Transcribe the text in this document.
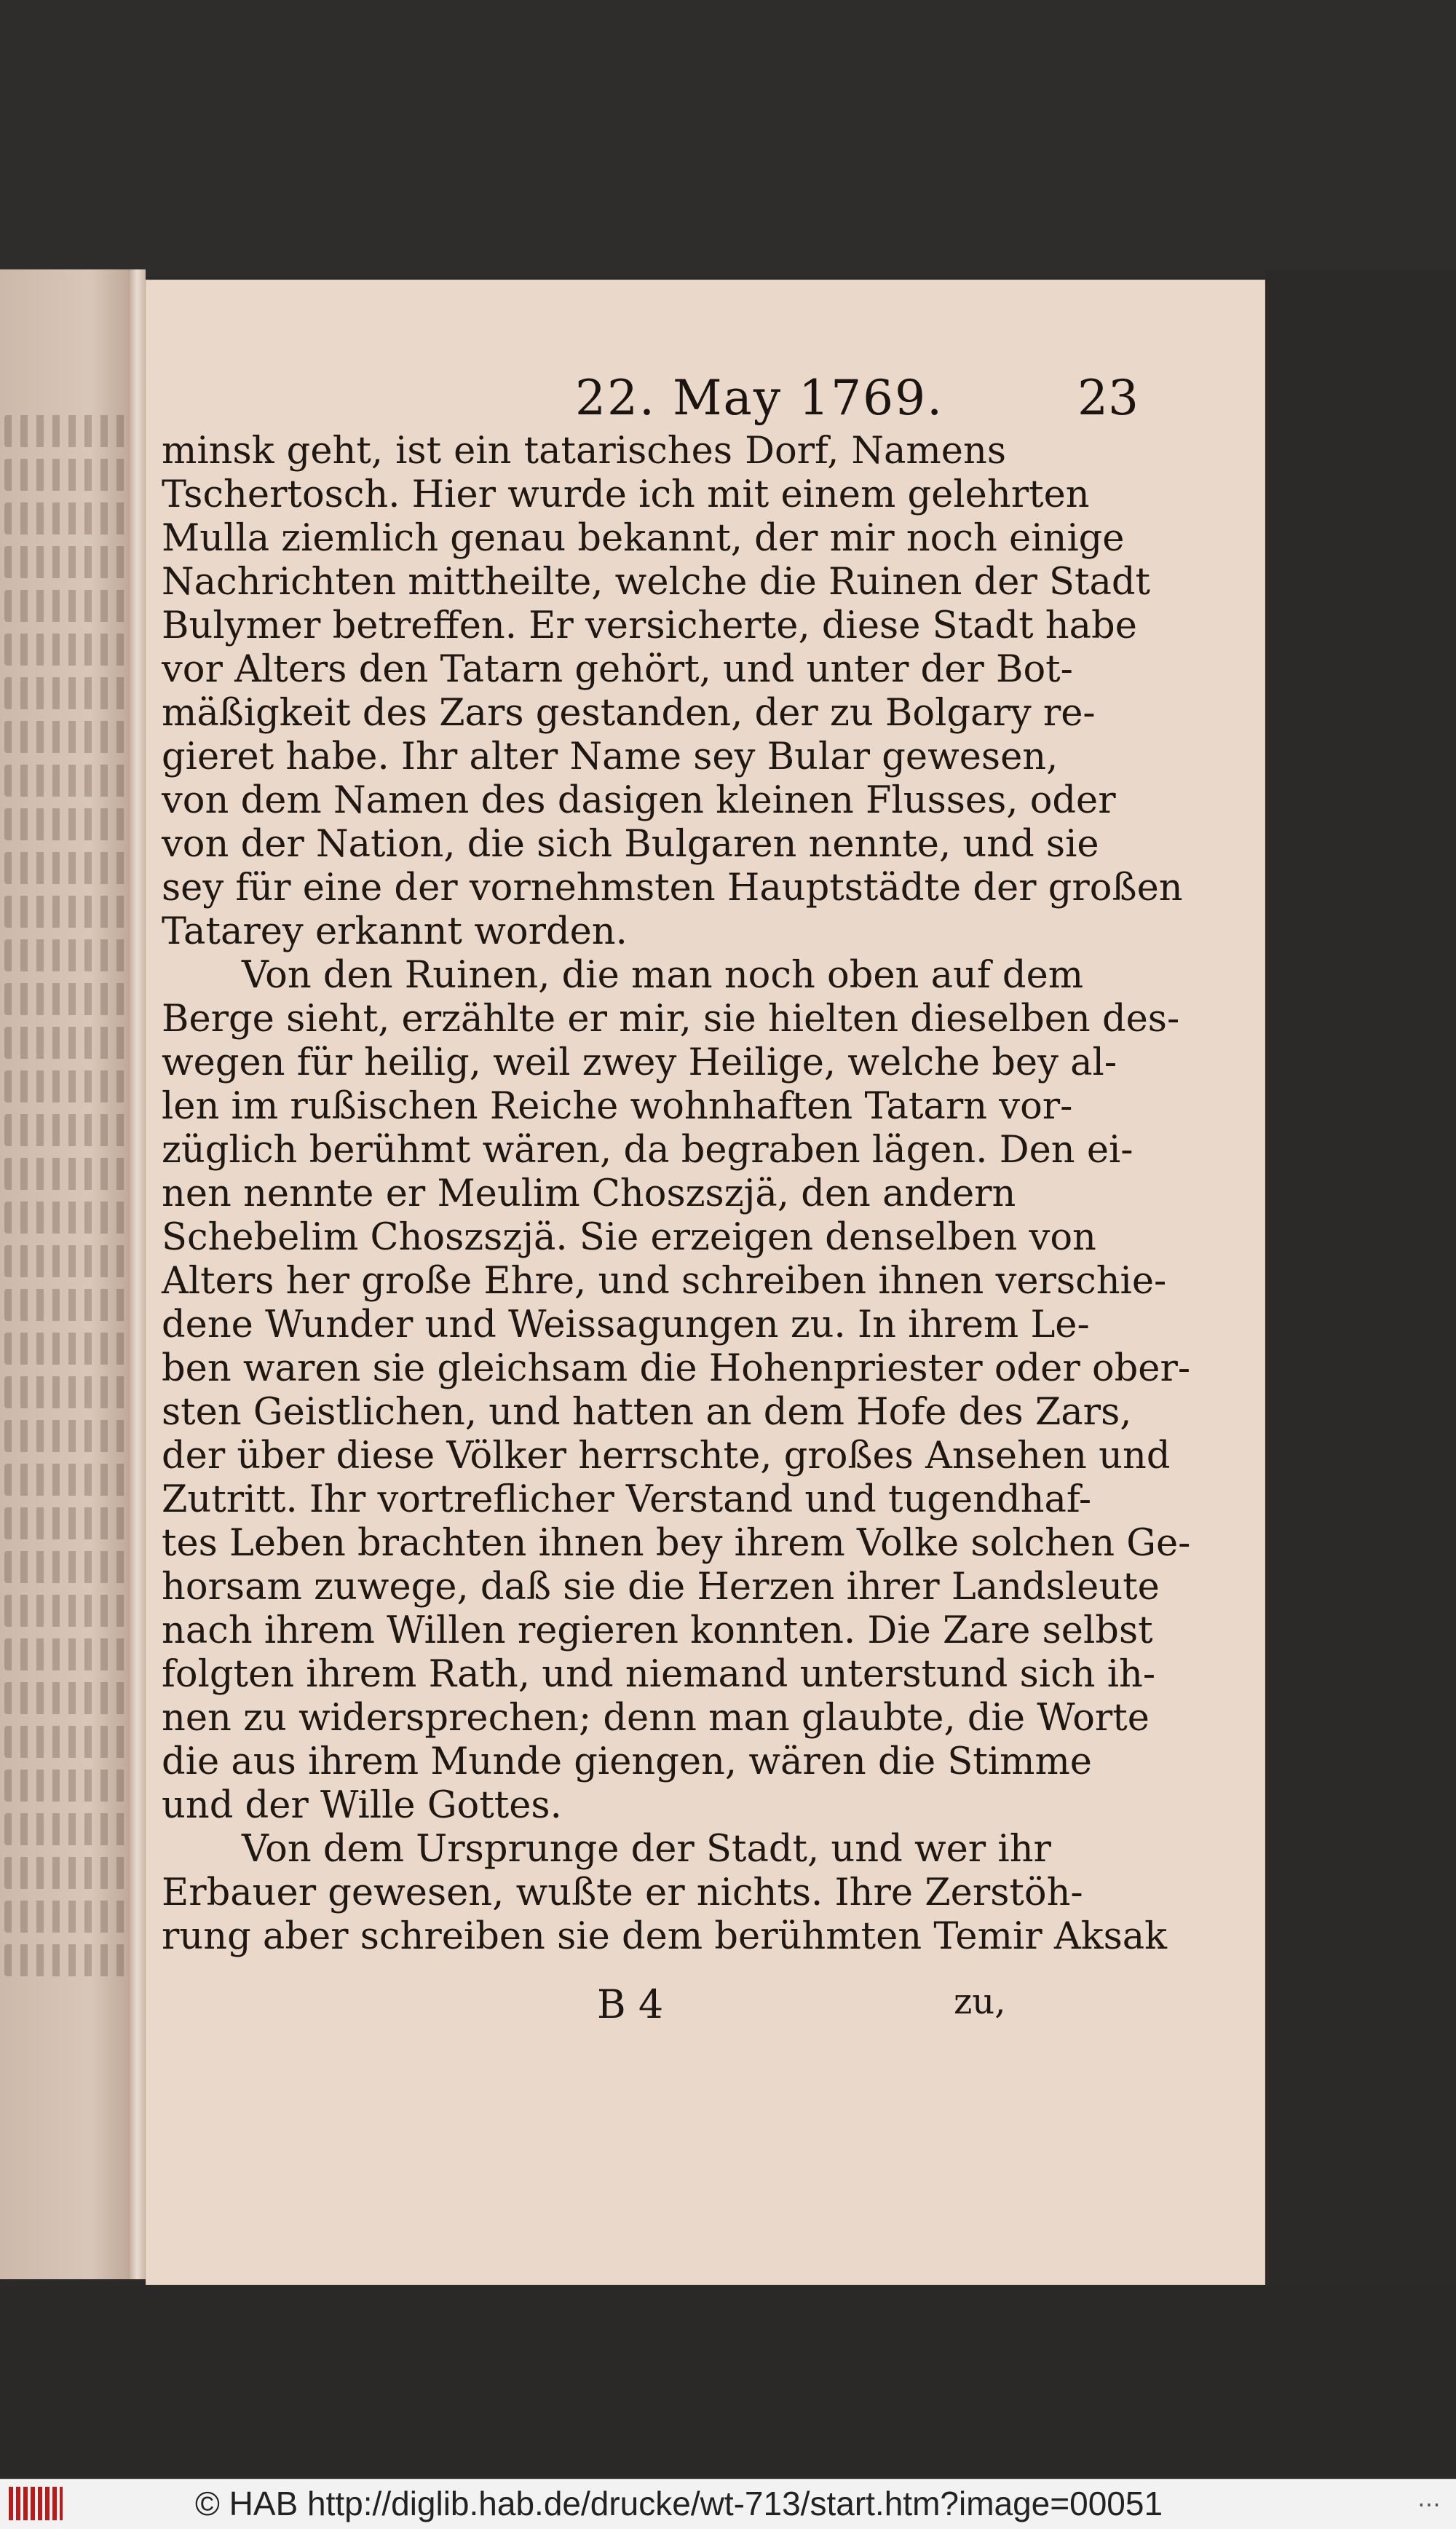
22. May 1769.	23
minsk geht, ist ein tatarisches Dorf, Namens
Tschertosch. Hier wurde ich mit einem gelehrten
Mulla ziemlich genau bekannt, der mir noch einige
Nachrichten mittheilte, welche die Ruinen der Stadt
Bulymer betreffen. Er versicherte, diese Stadt habe
vor Alters den Tatarn gehört, und unter der Bot-
mäßigkeit des Zars gestanden, der zu Bolgary re-
gieret habe. Ihr alter Name sey Bular gewesen,
von dem Namen des dasigen kleinen Flusses, oder
von der Nation, die sich Bulgaren nennte, und sie
sey für eine der vornehmsten Hauptstädte der großen
Tatarey erkannt worden.
Von den Ruinen, die man noch oben auf dem
Berge sieht, erzählte er mir, sie hielten dieselben des-
wegen für heilig, weil zwey Heilige, welche bey al-
len im rußischen Reiche wohnhaften Tatarn vor-
züglich berühmt wären, da begraben lägen. Den ei-
nen nennte er Meulim Choszszjä, den andern
Schebelim Choszszjä. Sie erzeigen denselben von
Alters her große Ehre, und schreiben ihnen verschie-
dene Wunder und Weissagungen zu. In ihrem Le-
ben waren sie gleichsam die Hohenpriester oder ober-
sten Geistlichen, und hatten an dem Hofe des Zars,
der über diese Völker herrschte, großes Ansehen und
Zutritt. Ihr vortreflicher Verstand und tugendhaf-
tes Leben brachten ihnen bey ihrem Volke solchen Ge-
horsam zuwege, daß sie die Herzen ihrer Landsleute
nach ihrem Willen regieren konnten. Die Zare selbst
folgten ihrem Rath, und niemand unterstund sich ih-
nen zu widersprechen; denn man glaubte, die Worte
die aus ihrem Munde giengen, wären die Stimme
und der Wille Gottes.
Von dem Ursprunge der Stadt, und wer ihr
Erbauer gewesen, wußte er nichts. Ihre Zerstöh-
rung aber schreiben sie dem berühmten Temir Aksak
B 4	zu,
© HAB http://diglib.hab.de/drucke/wt-713/start.htm?image=00051	⋯
